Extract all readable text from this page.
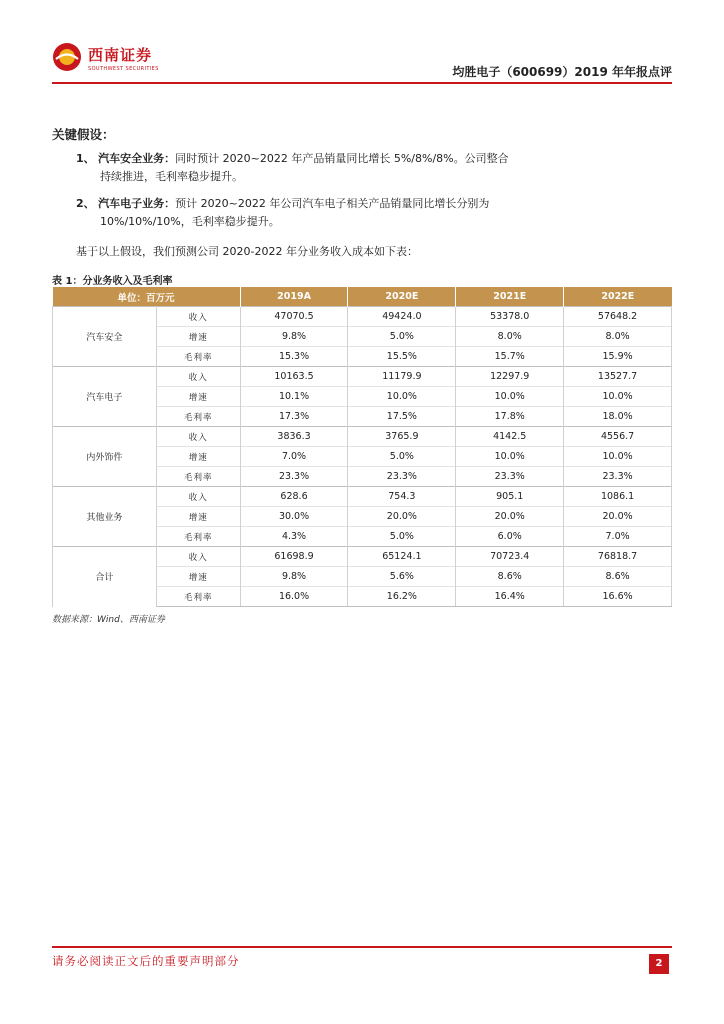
西南证券
SOUTHWEST SECURITIES	均胜电子（600699）2019 年年报点评
关键假设：
1、 汽车安全业务：同时预计 2020~2022 年产品销量同比增长 5%/8%/8%。公司整合
持续推进，毛利率稳步提升。
2、 汽车电子业务：预计 2020~2022 年公司汽车电子相关产品销量同比增长分别为
10%/10%/10%，毛利率稳步提升。
基于以上假设，我们预测公司 2020-2022 年分业务收入成本如下表：
表 1：分业务收入及毛利率
单位：百万元		2019A	2020E	2021E	2022E
汽车安全	收入	47070.5	49424.0	53378.0	57648.2
	增速	9.8%	5.0%	8.0%	8.0%
	毛利率	15.3%	15.5%	15.7%	15.9%
汽车电子	收入	10163.5	11179.9	12297.9	13527.7
	增速	10.1%	10.0%	10.0%	10.0%
	毛利率	17.3%	17.5%	17.8%	18.0%
内外饰件	收入	3836.3	3765.9	4142.5	4556.7
	增速	7.0%	5.0%	10.0%	10.0%
	毛利率	23.3%	23.3%	23.3%	23.3%
其他业务	收入	628.6	754.3	905.1	1086.1
	增速	30.0%	20.0%	20.0%	20.0%
	毛利率	4.3%	5.0%	6.0%	7.0%
合计	收入	61698.9	65124.1	70723.4	76818.7
	增速	9.8%	5.6%	8.6%	8.6%
	毛利率	16.0%	16.2%	16.4%	16.6%
数据来源：Wind、西南证券
请务必阅读正文后的重要声明部分	2
